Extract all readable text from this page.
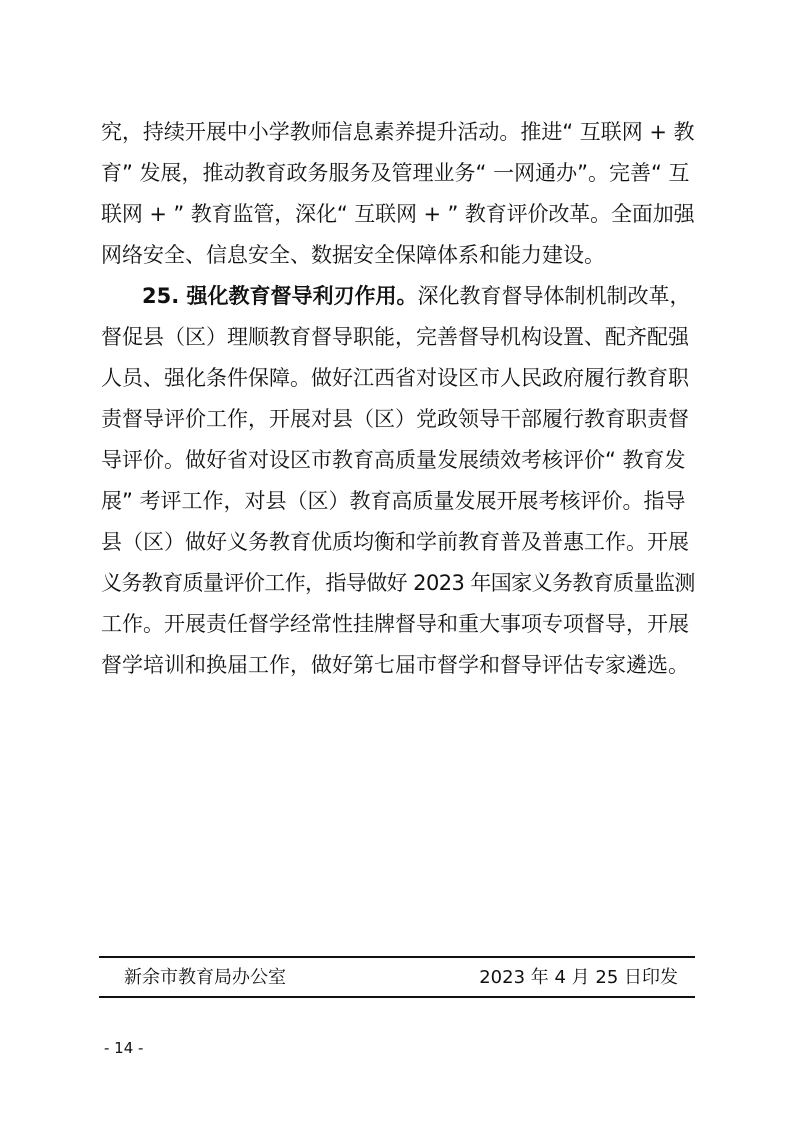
究，持续开展中小学教师信息素养提升活动。推进“ 互联网 + 教
育” 发展，推动教育政务服务及管理业务“ 一网通办”。完善“ 互
联网 + ” 教育监管，深化“ 互联网 + ” 教育评价改革。全面加强
网络安全、信息安全、数据安全保障体系和能力建设。
25. 强化教育督导利刃作用。深化教育督导体制机制改革，
督促县（区）理顺教育督导职能，完善督导机构设置、配齐配强
人员、强化条件保障。做好江西省对设区市人民政府履行教育职
责督导评价工作，开展对县（区）党政领导干部履行教育职责督
导评价。做好省对设区市教育高质量发展绩效考核评价“ 教育发
展” 考评工作，对县（区）教育高质量发展开展考核评价。指导
县（区）做好义务教育优质均衡和学前教育普及普惠工作。开展
义务教育质量评价工作，指导做好 2023 年国家义务教育质量监测
工作。开展责任督学经常性挂牌督导和重大事项专项督导，开展
督学培训和换届工作，做好第七届市督学和督导评估专家遴选。
新余市教育局办公室	2023 年 4 月 25 日印发
- 14 -
